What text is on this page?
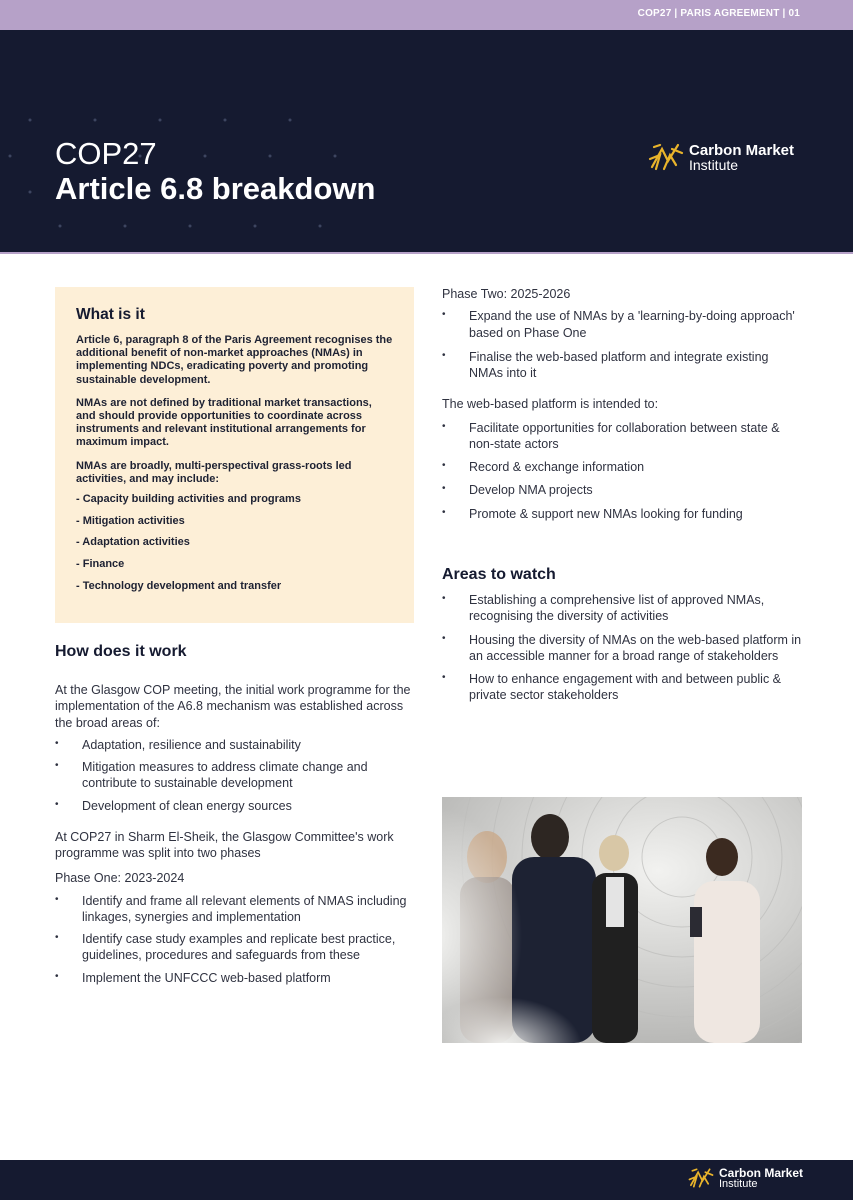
COP27 | PARIS AGREEMENT | 01
COP27
Article 6.8 breakdown
Carbon Market
Institute
What is it

Article 6, paragraph 8 of the Paris Agreement recognises the additional benefit of non-market approaches (NMAs) in implementing NDCs, eradicating poverty and promoting sustainable development.

NMAs are not defined by traditional market transactions, and should provide opportunities to coordinate across instruments and relevant institutional arrangements for maximum impact.

NMAs are broadly, multi-perspectival grass-roots led activities, and may include:

- Capacity building activities and programs
- Mitigation activities
- Adaptation activities
- Finance
- Technology development and transfer
How does it work

At the Glasgow COP meeting, the initial work programme for the implementation of the A6.8 mechanism was established across the broad areas of:

• Adaptation, resilience and sustainability
• Mitigation measures to address climate change and contribute to sustainable development
• Development of clean energy sources

At COP27 in Sharm El-Sheik, the Glasgow Committee's work programme was split into two phases

Phase One: 2023-2024

• Identify and frame all relevant elements of NMAS including linkages, synergies and implementation
• Identify case study examples and replicate best practice, guidelines, procedures and safeguards from these
• Implement the UNFCCC web-based platform

Phase Two: 2025-2026

• Expand the use of NMAs by a 'learning-by-doing approach' based on Phase One
• Finalise the web-based platform and integrate existing NMAs into it

The web-based platform is intended to:

• Facilitate opportunities for collaboration between state & non-state actors
• Record & exchange information
• Develop NMA projects
• Promote & support new NMAs looking for funding
Areas to watch
• Establishing a comprehensive list of approved NMAs, recognising the diversity of activities
• Housing the diversity of NMAs on the web-based platform in an accessible manner for a broad range of stakeholders
• How to enhance engagement with and between public & private sector stakeholders
Carbon Market
Institute
